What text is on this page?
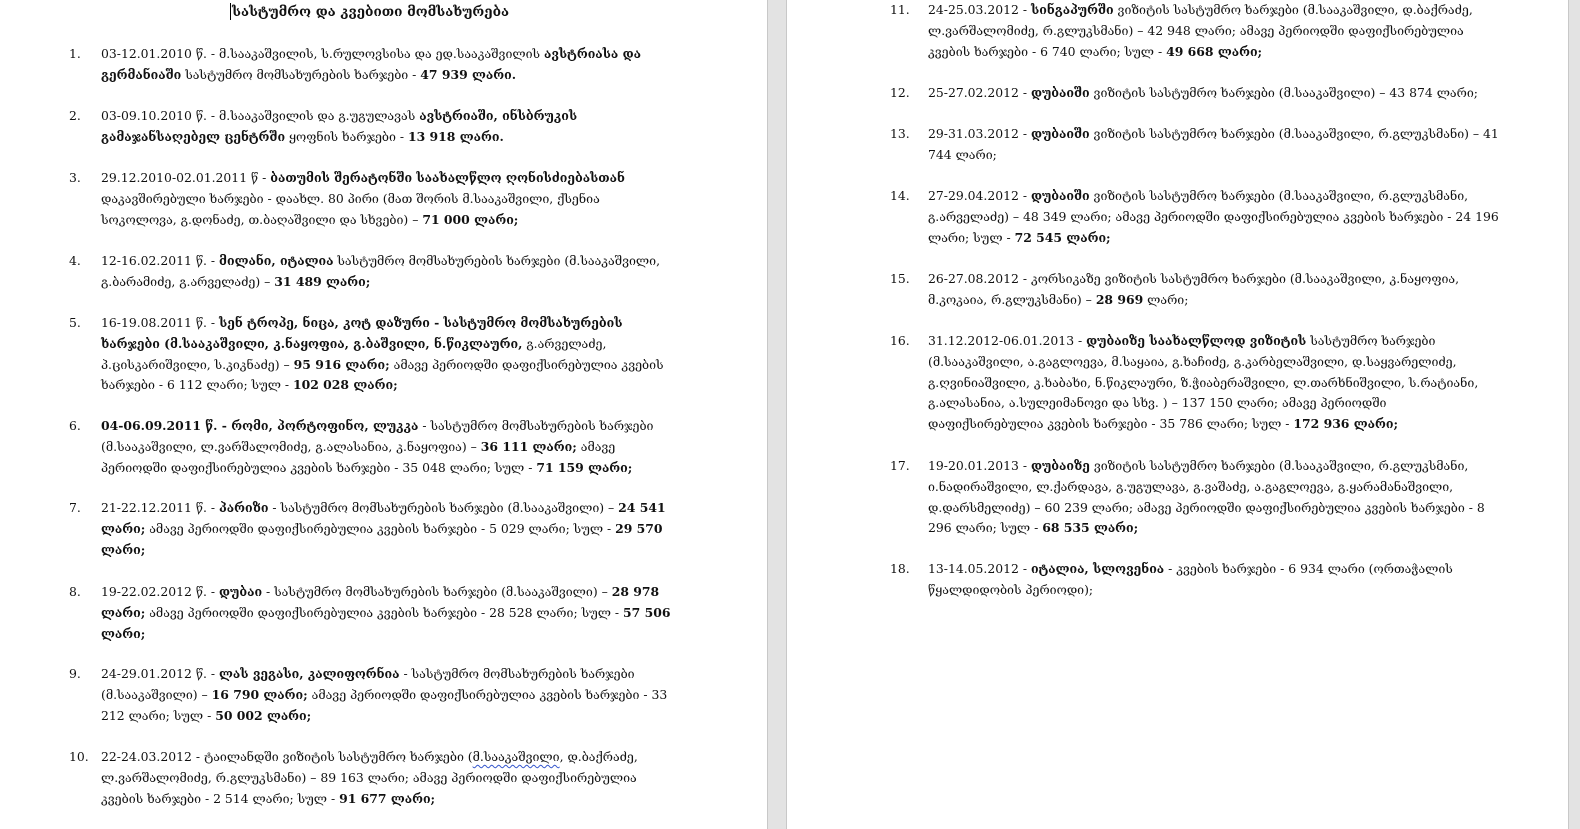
სასტუმრო და კვებითი მომსახურება
1.	03-12.01.2010 წ. - მ.სააკაშვილის, ს.რულოვსისა და ედ.სააკაშვილის ავსტრიასა და გერმანიაში სასტუმრო მომსახურების ხარჯები - 47 939 ლარი.
2.	03-09.10.2010 წ. - მ.სააკაშვილის და გ.უგულავას ავსტრიაში, ინსბრუკის გამაჯანსაღებელ ცენტრში ყოფნის ხარჯები - 13 918 ლარი.
3.	29.12.2010-02.01.2011 წ - ბათუმის შერატონში საახალწლო ღონისძიებასთან დაკავშირებული ხარჯები - დაახლ. 80 პირი (მათ შორის მ.სააკაშვილი, ქსენია სოკოლოვა, გ.დონაძე, თ.ბაღაშვილი და სხვები) – 71 000 ლარი;
4.	12-16.02.2011 წ. - მილანი, იტალია სასტუმრო მომსახურების ხარჯები (მ.სააკაშვილი, გ.ბარამიძე, გ.არველაძე) – 31 489 ლარი;
5.	16-19.08.2011 წ. - სენ ტროპე, ნიცა, კოტ დაზური - სასტუმრო მომსახურების ხარჯები (მ.სააკაშვილი, კ.ნაყოფია, გ.ბაშვილი, ნ.წიკლაური, გ.არველაძე, პ.ცისკარიშვილი, ს.კიკნაძე) – 95 916 ლარი; ამავე პერიოდში დაფიქსირებულია კვების ხარჯები - 6 112 ლარი; სულ - 102 028 ლარი;
6.	04-06.09.2011 წ. - რომი, პორტოფინო, ლუკკა - სასტუმრო მომსახურების ხარჯები (მ.სააკაშვილი, ლ.ვარშალომიძე, გ.ალასანია, კ.ნაყოფია) – 36 111 ლარი; ამავე პერიოდში დაფიქსირებულია კვების ხარჯები - 35 048 ლარი; სულ - 71 159 ლარი;
7.	21-22.12.2011 წ. - პარიზი - სასტუმრო მომსახურების ხარჯები (მ.სააკაშვილი) – 24 541 ლარი; ამავე პერიოდში დაფიქსირებულია კვების ხარჯები - 5 029 ლარი; სულ - 29 570 ლარი;
8.	19-22.02.2012 წ. - დუბაი - სასტუმრო მომსახურების ხარჯები (მ.სააკაშვილი) – 28 978 ლარი; ამავე პერიოდში დაფიქსირებულია კვების ხარჯები - 28 528 ლარი; სულ - 57 506 ლარი;
9.	24-29.01.2012 წ. - ლას ვეგასი, კალიფორნია - სასტუმრო მომსახურების ხარჯები (მ.სააკაშვილი) – 16 790 ლარი; ამავე პერიოდში დაფიქსირებულია კვების ხარჯები - 33 212 ლარი; სულ - 50 002 ლარი;
10. 22-24.03.2012 - ტაილანდში ვიზიტის სასტუმრო ხარჯები (მ.სააკაშვილი, დ.ბაქრაძე, ლ.ვარშალომიძე, რ.გლუკსმანი) – 89 163 ლარი; ამავე პერიოდში დაფიქსირებულია კვების ხარჯები - 2 514 ლარი; სულ - 91 677 ლარი;
11.	24-25.03.2012 - სინგაპურში ვიზიტის სასტუმრო ხარჯები (მ.სააკაშვილი, დ.ბაქრაძე, ლ.ვარშალომიძე, რ.გლუკსმანი) – 42 948 ლარი; ამავე პერიოდში დაფიქსირებულია კვების ხარჯები - 6 740 ლარი; სულ - 49 668 ლარი;
12.	25-27.02.2012 - დუბაიში ვიზიტის სასტუმრო ხარჯები (მ.სააკაშვილი) – 43 874 ლარი;
13.	29-31.03.2012 - დუბაიში ვიზიტის სასტუმრო ხარჯები (მ.სააკაშვილი, რ.გლუკსმანი) – 41 744 ლარი;
14.	27-29.04.2012 - დუბაიში ვიზიტის სასტუმრო ხარჯები (მ.სააკაშვილი, რ.გლუკსმანი, გ.არველაძე) – 48 349 ლარი; ამავე პერიოდში დაფიქსირებულია კვების ხარჯები - 24 196 ლარი; სულ - 72 545 ლარი;
15.	26-27.08.2012 - კორსიკაზე ვიზიტის სასტუმრო ხარჯები (მ.სააკაშვილი, კ.ნაყოფია, მ.კოკაია, რ.გლუკსმანი) – 28 969 ლარი;
16.	31.12.2012-06.01.2013 - დუბაიზე საახალწლოდ ვიზიტის სასტუმრო ხარჯები (მ.სააკაშვილი, ა.გაგლოევა, მ.საყაია, გ.ხაჩიძე, გ.კარბელაშვილი, დ.საყვარელიძე, გ.ღვინიაშვილი, კ.ხაბახი, ნ.წიკლაური, ზ.ჭიაბერაშვილი, ლ.თარხნიშვილი, ს.რატიანი, გ.ალასანია, ა.სულეიმანოვი და სხვ. ) – 137 150 ლარი; ამავე პერიოდში დაფიქსირებულია კვების ხარჯები - 35 786 ლარი; სულ - 172 936 ლარი;
17.	19-20.01.2013 - დუბაიზე ვიზიტის სასტუმრო ხარჯები (მ.სააკაშვილი, რ.გლუკსმანი, ი.ნადირაშვილი, ლ.ქარდავა, გ.უგულავა, გ.ვაშაძე, ა.გაგლოევა, გ.ყარამანაშვილი, დ.დარსმელიძე) – 60 239 ლარი; ამავე პერიოდში დაფიქსირებულია კვების ხარჯები - 8 296 ლარი; სულ - 68 535 ლარი;
18.	13-14.05.2012 - იტალია, სლოვენია - კვების ხარჯები - 6 934 ლარი (ორთაჭალის წყალდიდობის პერიოდი);
